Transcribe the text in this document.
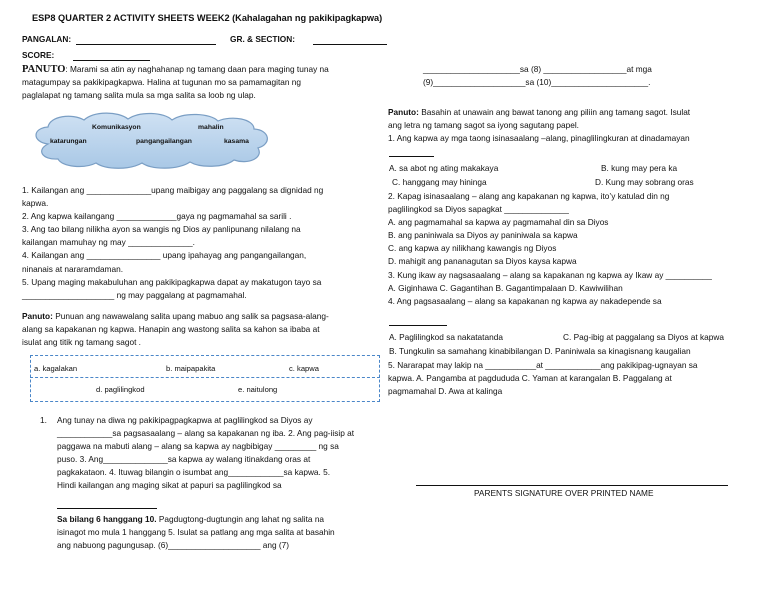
ESP8 QUARTER 2 ACTIVITY SHEETS WEEK2 (Kahalagahan ng pakikipagkapwa)
PANGALAN:	GR. & SECTION:
SCORE:
PANUTO: Marami sa atin ay naghahanap ng tamang daan para maging tunay na
matagumpay sa pakikipagkapwa. Halina at tugunan mo sa pamamagitan ng
paglalapat ng tamang salita mula sa mga salita sa loob ng ulap.
Komunikasyon	mahalin
katarungan	pangangailangan	kasama
1. Kailangan ang ______________upang maibigay ang paggalang sa dignidad ng
kapwa.
2. Ang kapwa kailangang _____________gaya ng pagmamahal sa sarili .
3. Ang tao bilang nilikha ayon sa wangis ng Dios ay panlipunang nilalang na
kailangan mamuhay ng may ______________.
4. Kailangan ang ________________ upang ipahayag ang pangangailangan,
ninanais at nararamdaman.
5. Upang maging makabuluhan ang pakikipagkapwa dapat ay makatugon tayo sa
____________________ ng may paggalang at pagmamahal.
Panuto: Punuan ang nawawalang salita upang mabuo ang salik sa pagsasa-alang-
alang sa kapakanan ng kapwa. Hanapin ang wastong salita sa kahon sa ibaba at
isulat ang titik ng tamang sagot .
a. kagalakan	b. maipapakita	c. kapwa
d. paglilingkod	e. naitulong
1. Ang tunay na diwa ng pakikipagpagkapwa at paglilingkod sa Diyos ay
____________sa pagsasaalang – alang sa kapakanan ng iba. 2. Ang pag-iisip at
paggawa na mabuti alang – alang sa kapwa ay nagbibigay _________ ng sa
puso. 3. Ang______________sa kapwa ay walang itinakdang oras at
pagkakataon. 4. Ituwag bilangin o isumbat ang____________sa kapwa. 5.
Hindi kailangan ang maging sikat at papuri sa paglilingkod sa
Sa bilang 6 hanggang 10. Pagdugtong-dugtungin ang lahat ng salita na
isinagot mo mula 1 hanggang 5. Isulat sa patlang ang mga salita at basahin
ang nabuong pagungusap. (6)____________________ ang (7)
_____________________sa (8) __________________at mga
(9)____________________sa (10)_____________________.
Panuto: Basahin at unawain ang bawat tanong ang piliin ang tamang sagot. Isulat
ang letra ng tamang sagot sa iyong sagutang papel.
1. Ang kapwa ay mga taong isinasaalang –alang, pinaglilingkuran at dinadamayan
A. sa abot ng ating makakaya	B. kung may pera ka
C. hanggang may hininga	D. Kung may sobrang oras
2. Kapag isinasaalang – alang ang kapakanan ng kapwa, ito’y katulad din ng
paglilingkod sa Diyos sapagkat ______________
A. ang pagmamahal sa kapwa ay pagmamahal din sa Diyos
B. ang paniniwala sa Diyos ay paniniwala sa kapwa
C. ang kapwa ay nilikhang kawangis ng Diyos
D. mahigit ang pananagutan sa Diyos kaysa kapwa
3. Kung ikaw ay nagsasaalang – alang sa kapakanan ng kapwa ay Ikaw ay __________
A. Giginhawa C. Gagantihan B. Gagantimpalaan D. Kawiwilihan
4. Ang pagsasaalang – alang sa kapakanan ng kapwa ay nakadepende sa
A. Paglilingkod sa nakatatanda	C. Pag-ibig at paggalang sa Diyos at kapwa
B. Tungkulin sa samahang kinabibilangan D. Paniniwala sa kinagisnang kaugalian
5. Nararapat may lakip na ___________at ____________ang pakikipag-ugnayan sa
kapwa. A. Pangamba at pagdududa C. Yaman at karangalan B. Paggalang at
pagmamahal D. Awa at kalinga
PARENTS SIGNATURE OVER PRINTED NAME
